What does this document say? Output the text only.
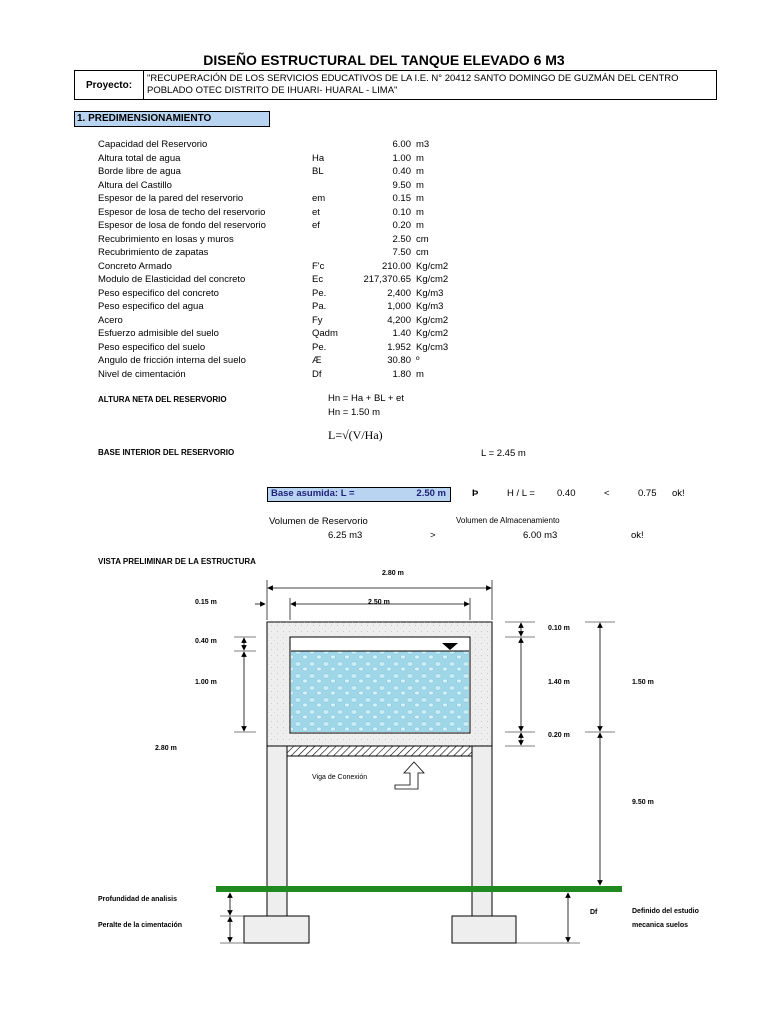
DISEÑO ESTRUCTURAL DEL TANQUE ELEVADO 6 M3
Proyecto:
"RECUPERACIÓN DE LOS SERVICIOS EDUCATIVOS DE LA I.E. N° 20412 SANTO DOMINGO DE GUZMÁN DEL CENTRO POBLADO OTEC DISTRITO DE IHUARI- HUARAL - LIMA"
1. PREDIMENSIONAMIENTO
Capacidad del Reservorio	6.00 m3
Altura total de agua	Ha	1.00 m
Borde libre de agua	BL	0.40 m
Altura del Castillo	9.50 m
Espesor de la pared del reservorio	em	0.15 m
Espesor de losa de techo del reservorio	et	0.10 m
Espesor de losa de fondo del reservorio	ef	0.20 m
Recubrimiento en losas y muros	2.50 cm
Recubrimiento de zapatas	7.50 cm
Concreto Armado	F'c	210.00 Kg/cm2
Modulo de Elasticidad del concreto	Ec	217,370.65 Kg/cm2
Peso especifico del concreto	Pe.	2,400 Kg/m3
Peso especifico del agua	Pa.	1,000 Kg/m3
Acero	Fy	4,200 Kg/cm2
Esfuerzo admisible del suelo	Qadm	1.40 Kg/cm2
Peso especifico del suelo	Pe.	1.952 Kg/cm3
Angulo de fricción interna del suelo	Æ	30.80 º
Nivel de cimentación	Df	1.80 m
ALTURA NETA DEL RESERVORIO	Hn = Ha + BL + et
Hn = 1.50 m
L=√(V/Ha)
BASE INTERIOR DEL RESERVORIO	L = 2.45 m
Base asumida: L =	2.50 m	Þ	H / L = 0.40	<	0.75 ok!
Volumen de Reservorio	Volumen de Almacenamiento
6.25 m3	>	6.00 m3	ok!
VISTA PRELIMINAR DE LA ESTRUCTURA
2.80 m
0.15 m	2.50 m
0.40 m
1.00 m
2.80 m
0.10 m
1.40 m
0.20 m
1.50 m
9.50 m
Viga de Conexión
Profundidad de analisis
Peralte de la cimentación
Df	Definido del estudio
mecanica suelos
